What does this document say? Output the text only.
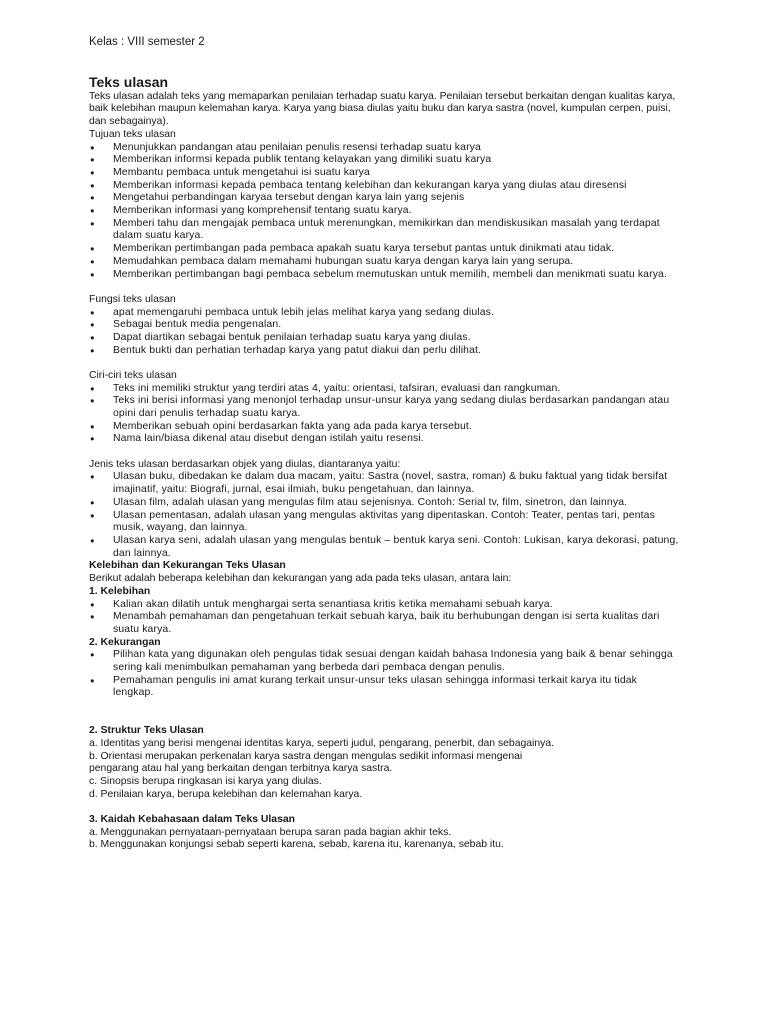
Kelas : VIII semester 2
Teks ulasan

Teks ulasan adalah teks yang memaparkan penilaian terhadap suatu karya. Penilaian tersebut berkaitan dengan kualitas karya, baik kelebihan maupun kelemahan karya. Karya yang biasa diulas yaitu buku dan karya sastra (novel, kumpulan cerpen, puisi, dan sebagainya).

Tujuan teks ulasan
● Menunjukkan pandangan atau penilaian penulis resensi terhadap suatu karya
● Memberikan informsi kepada publik tentang kelayakan yang dimiliki suatu karya
● Membantu pembaca untuk mengetahui isi suatu karya
● Memberikan informasi kepada pembaca tentang kelebihan dan kekurangan karya yang diulas atau diresensi
● Mengetahui perbandingan karyaa tersebut dengan karya lain yang sejenis
● Memberikan informasi yang komprehensif tentang suatu karya.
● Memberi tahu dan mengajak pembaca untuk merenungkan, memikirkan dan mendiskusikan masalah yang terdapat dalam suatu karya.
● Memberikan pertimbangan pada pembaca apakah suatu karya tersebut pantas untuk dinikmati atau tidak.
● Memudahkan pembaca dalam memahami hubungan suatu karya dengan karya lain yang serupa.
● Memberikan pertimbangan bagi pembaca sebelum memutuskan untuk memilih, membeli dan menikmati suatu karya.
Fungsi teks ulasan
● apat memengaruhi pembaca untuk lebih jelas melihat karya yang sedang diulas.
● Sebagai bentuk media pengenalan.
● Dapat diartikan sebagai bentuk penilaian terhadap suatu karya yang diulas.
● Bentuk bukti dan perhatian terhadap karya yang patut diakui dan perlu dilihat.
Ciri-ciri teks ulasan
● Teks ini memiliki struktur yang terdiri atas 4, yaitu: orientasi, tafsiran, evaluasi dan rangkuman.
● Teks ini berisi informasi yang menonjol terhadap unsur-unsur karya yang sedang diulas berdasarkan pandangan atau opini dari penulis terhadap suatu karya.
● Memberikan sebuah opini berdasarkan fakta yang ada pada karya tersebut.
● Nama lain/biasa dikenal atau disebut dengan istilah yaitu resensi.
Jenis teks ulasan berdasarkan objek yang diulas, diantaranya yaitu:
● Ulasan buku, dibedakan ke dalam dua macam, yaitu: Sastra (novel, sastra, roman) & buku faktual yang tidak bersifat imajinatif, yaitu: Biografi, jurnal, esai ilmiah, buku pengetahuan, dan lainnya.
● Ulasan film, adalah ulasan yang mengulas film atau sejenisnya. Contoh: Serial tv, film, sinetron, dan lainnya.
● Ulasan pementasan, adalah ulasan yang mengulas aktivitas yang dipentaskan. Contoh: Teater, pentas tari, pentas musik, wayang, dan lainnya.
● Ulasan karya seni, adalah ulasan yang mengulas bentuk – bentuk karya seni. Contoh: Lukisan, karya dekorasi, patung, dan lainnya.
Kelebihan dan Kekurangan Teks Ulasan
Berikut adalah beberapa kelebihan dan kekurangan yang ada pada teks ulasan, antara lain:
1. Kelebihan
● Kalian akan dilatih untuk menghargai serta senantiasa kritis ketika memahami sebuah karya.
● Menambah pemahaman dan pengetahuan terkait sebuah karya, baik itu berhubungan dengan isi serta kualitas dari suatu karya.
2. Kekurangan
● Pilihan kata yang digunakan oleh pengulas tidak sesuai dengan kaidah bahasa Indonesia yang baik & benar sehingga sering kali menimbulkan pemahaman yang berbeda dari pembaca dengan penulis.
● Pemahaman pengulis ini amat kurang terkait unsur-unsur teks ulasan sehingga informasi terkait karya itu tidak lengkap.
2. Struktur Teks Ulasan
a. Identitas yang berisi mengenai identitas karya, seperti judul, pengarang, penerbit, dan sebagainya.
b. Orientasi merupakan perkenalan karya sastra dengan mengulas sedikit informasi mengenai
pengarang atau hal yang berkaitan dengan terbitnya karya sastra.
c. Sinopsis berupa ringkasan isi karya yang diulas.
d. Penilaian karya, berupa kelebihan dan kelemahan karya.
3. Kaidah Kebahasaan dalam Teks Ulasan
a. Menggunakan pernyataan-pernyataan berupa saran pada bagian akhir teks.
b. Menggunakan konjungsi sebab seperti karena, sebab, karena itu, karenanya, sebab itu.
